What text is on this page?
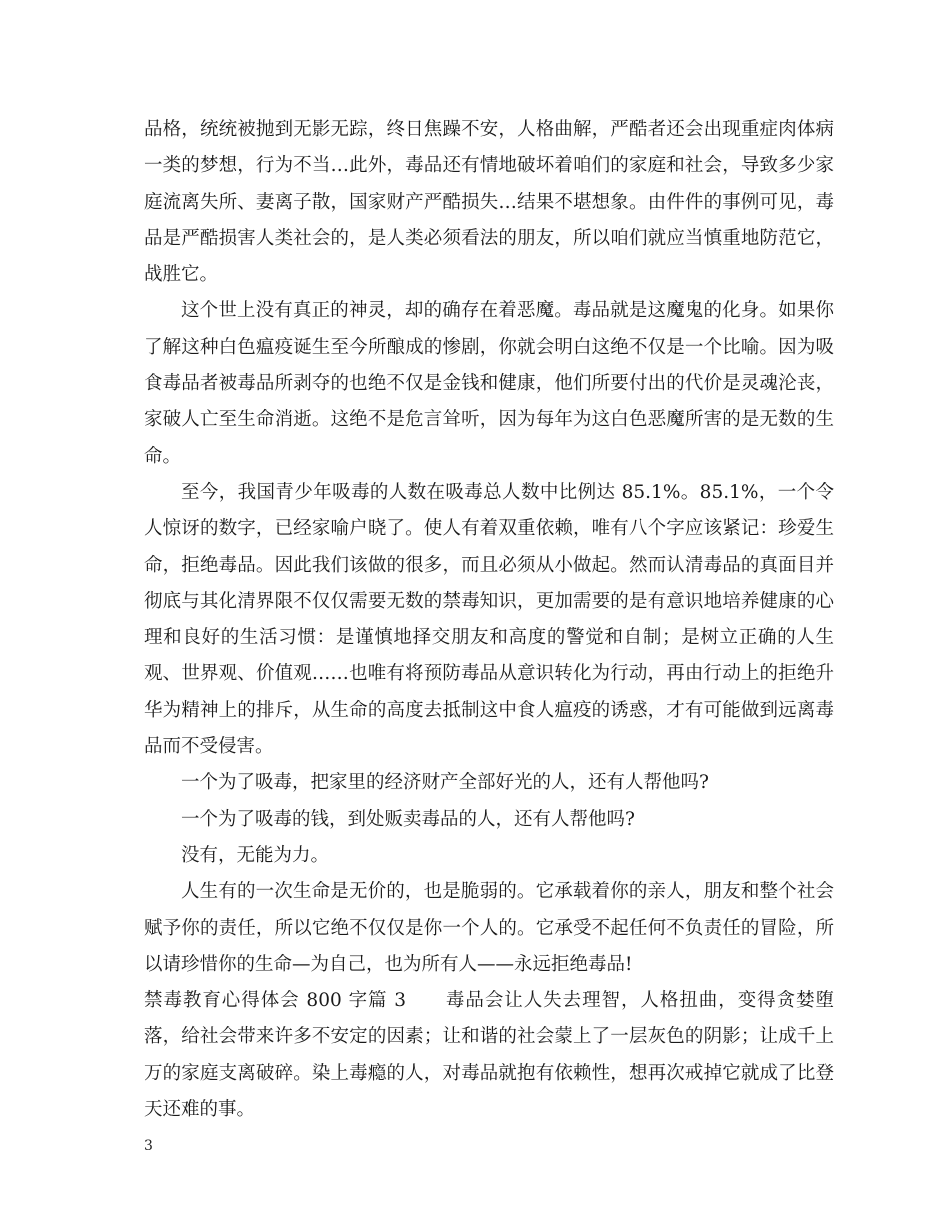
品格，统统被抛到无影无踪，终日焦躁不安，人格曲解，严酷者还会出现重症肉体病一类的梦想，行为不当…此外，毒品还有情地破坏着咱们的家庭和社会，导致多少家庭流离失所、妻离子散，国家财产严酷损失…结果不堪想象。由件件的事例可见，毒品是严酷损害人类社会的，是人类必须看法的朋友，所以咱们就应当慎重地防范它，战胜它。

这个世上没有真正的神灵，却的确存在着恶魔。毒品就是这魔鬼的化身。如果你了解这种白色瘟疫诞生至今所酿成的惨剧，你就会明白这绝不仅是一个比喻。因为吸食毒品者被毒品所剥夺的也绝不仅是金钱和健康，他们所要付出的代价是灵魂沦丧，家破人亡至生命消逝。这绝不是危言耸听，因为每年为这白色恶魔所害的是无数的生命。

至今，我国青少年吸毒的人数在吸毒总人数中比例达 85.1%。85.1%，一个令人惊讶的数字，已经家喻户晓了。使人有着双重依赖，唯有八个字应该紧记：珍爱生命，拒绝毒品。因此我们该做的很多，而且必须从小做起。然而认清毒品的真面目并彻底与其化清界限不仅仅需要无数的禁毒知识，更加需要的是有意识地培养健康的心理和良好的生活习惯：是谨慎地择交朋友和高度的警觉和自制；是树立正确的人生观、世界观、价值观……也唯有将预防毒品从意识转化为行动，再由行动上的拒绝升华为精神上的排斥，从生命的高度去抵制这中食人瘟疫的诱惑，才有可能做到远离毒品而不受侵害。

一个为了吸毒，把家里的经济财产全部好光的人，还有人帮他吗?

一个为了吸毒的钱，到处贩卖毒品的人，还有人帮他吗?

没有，无能为力。

人生有的一次生命是无价的，也是脆弱的。它承载着你的亲人，朋友和整个社会赋予你的责任，所以它绝不仅仅是你一个人的。它承受不起任何不负责任的冒险，所以请珍惜你的生命—为自己，也为所有人——永远拒绝毒品!

禁毒教育心得体会 800 字篇 3　　毒品会让人失去理智，人格扭曲，变得贪婪堕落，给社会带来许多不安定的因素；让和谐的社会蒙上了一层灰色的阴影；让成千上万的家庭支离破碎。染上毒瘾的人，对毒品就抱有依赖性，想再次戒掉它就成了比登天还难的事。

3
